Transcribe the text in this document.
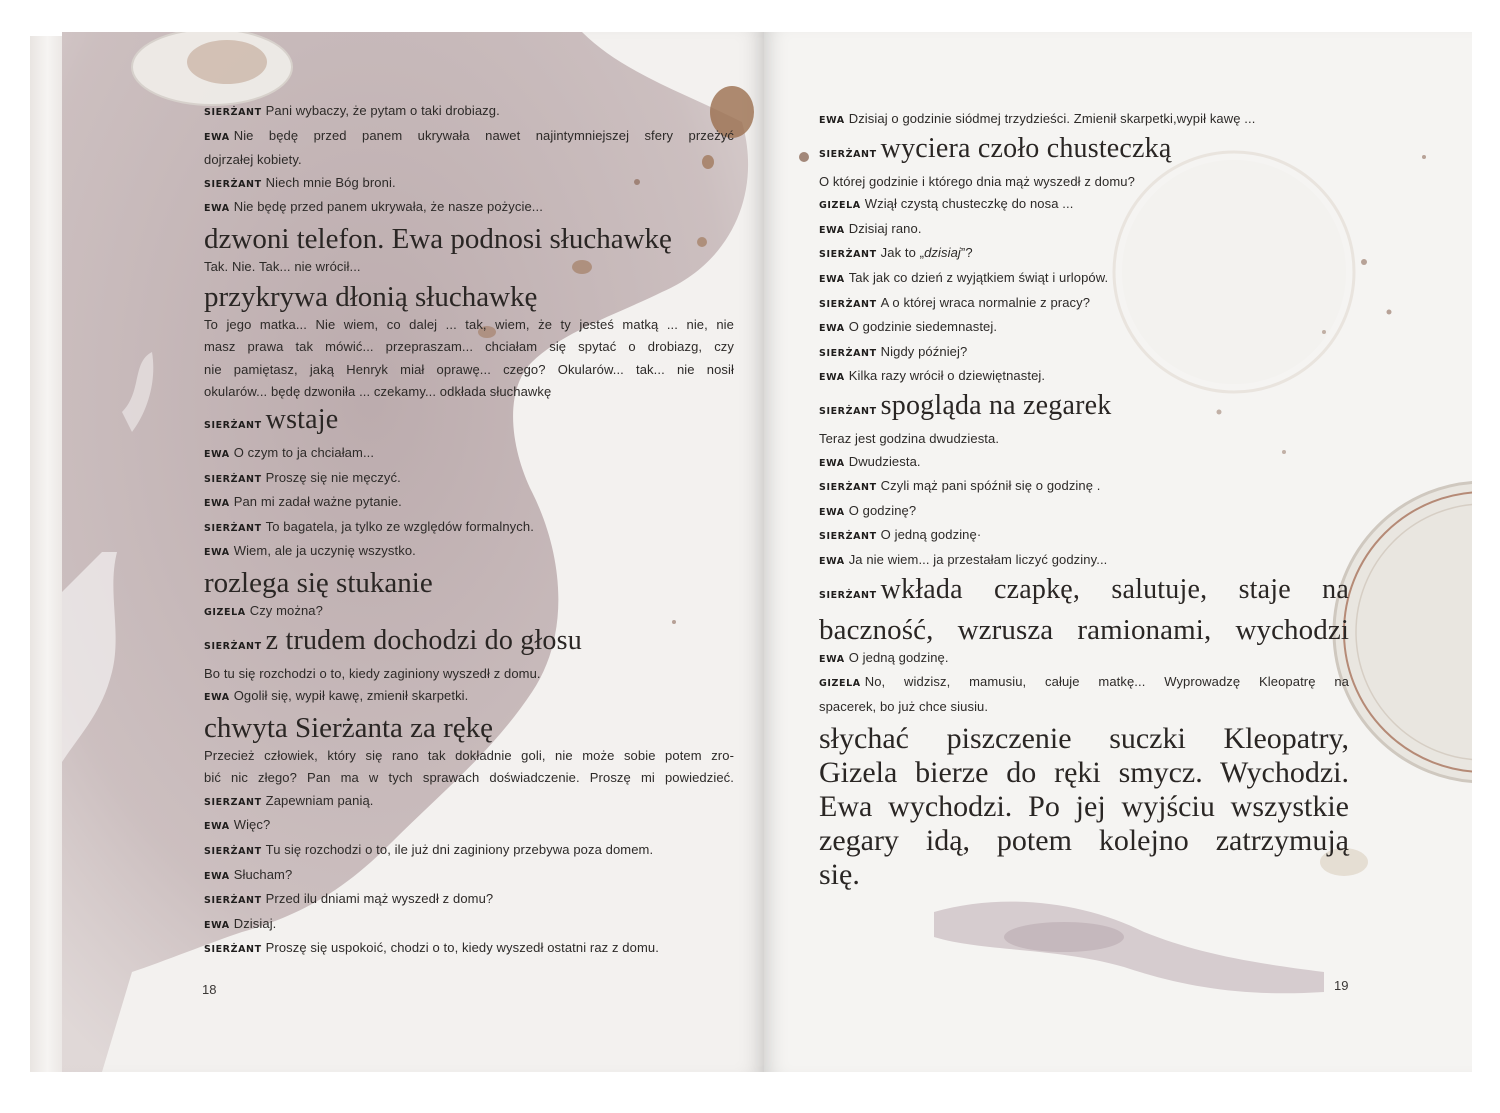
SIERŻANT Pani wybaczy, że pytam o taki drobiazg.

EWA Nie będę przed panem ukrywała nawet najintymniejszej sfery przeżyć

dojrzałej kobiety.

SIERŻANT Niech mnie Bóg broni.

EWA Nie będę przed panem ukrywała, że nasze pożycie...

dzwoni telefon. Ewa podnosi słuchawkę

Tak. Nie. Tak... nie wrócił...

przykrywa dłonią słuchawkę

To jego matka... Nie wiem, co dalej ... tak, wiem, że ty jesteś matką ... nie, nie

masz prawa tak mówić... przepraszam... chciałam się spytać o drobiazg, czy

nie pamiętasz, jaką Henryk miał oprawę... czego? Okularów... tak... nie nosił

okularów... będę dzwoniła ... czekamy... odkłada słuchawkę

SIERŻANT wstaje

EWA O czym to ja chciałam...

SIERŻANT Proszę się nie męczyć.

EWA Pan mi zadał ważne pytanie.

SIERŻANT To bagatela, ja tylko ze względów formalnych.

EWA Wiem, ale ja uczynię wszystko.

rozlega się stukanie

GIZELA Czy można?

SIERŻANT z trudem dochodzi do głosu

Bo tu się rozchodzi o to, kiedy zaginiony wyszedł z domu.

EWA Ogolił się, wypił kawę, zmienił skarpetki.

chwyta Sierżanta za rękę

Przecież człowiek, który się rano tak dokładnie goli, nie może sobie potem zro-

bić nic złego? Pan ma w tych sprawach doświadczenie. Proszę mi powiedzieć.

SIERZANT Zapewniam panią.

EWA Więc?

SIERŻANT Tu się rozchodzi o to, ile już dni zaginiony przebywa poza domem.

EWA Słucham?

SIERŻANT Przed ilu dniami mąż wyszedł z domu?

EWA Dzisiaj.

SIERŻANT Proszę się uspokoić, chodzi o to, kiedy wyszedł ostatni raz z domu.

18

EWA Dzisiaj o godzinie siódmej trzydzieści. Zmienił skarpetki,wypił kawę ...

SIERŻANT wyciera czoło chusteczką

O której godzinie i którego dnia mąż wyszedł z domu?

GIZELA Wziął czystą chusteczkę do nosa ...

EWA Dzisiaj rano.

SIERŻANT Jak to „dzisiaj”?

EWA Tak jak co dzień z wyjątkiem świąt i urlopów.

SIERŻANT A o której wraca normalnie z pracy?

EWA O godzinie siedemnastej.

SIERŻANT Nigdy później?

EWA Kilka razy wrócił o dziewiętnastej.

SIERŻANT spogląda na zegarek

Teraz jest godzina dwudziesta.

EWA Dwudziesta.

SIERŻANT Czyli mąż pani spóźnił się o godzinę .

EWA O godzinę?

SIERŻANT O jedną godzinę·

EWA Ja nie wiem... ja przestałam liczyć godziny...

SIERŻANT wkłada czapkę, salutuje, staje na

baczność, wzrusza ramionami, wychodzi

EWA O jedną godzinę.

GIZELA No, widzisz, mamusiu, całuje matkę... Wyprowadzę Kleopatrę na

spacerek, bo już chce siusiu.

słychać piszczenie suczki Kleopatry,
Gizela bierze do ręki smycz. Wychodzi.
Ewa wychodzi. Po jej wyjściu wszystkie
zegary idą, potem kolejno zatrzymują
się.
19
